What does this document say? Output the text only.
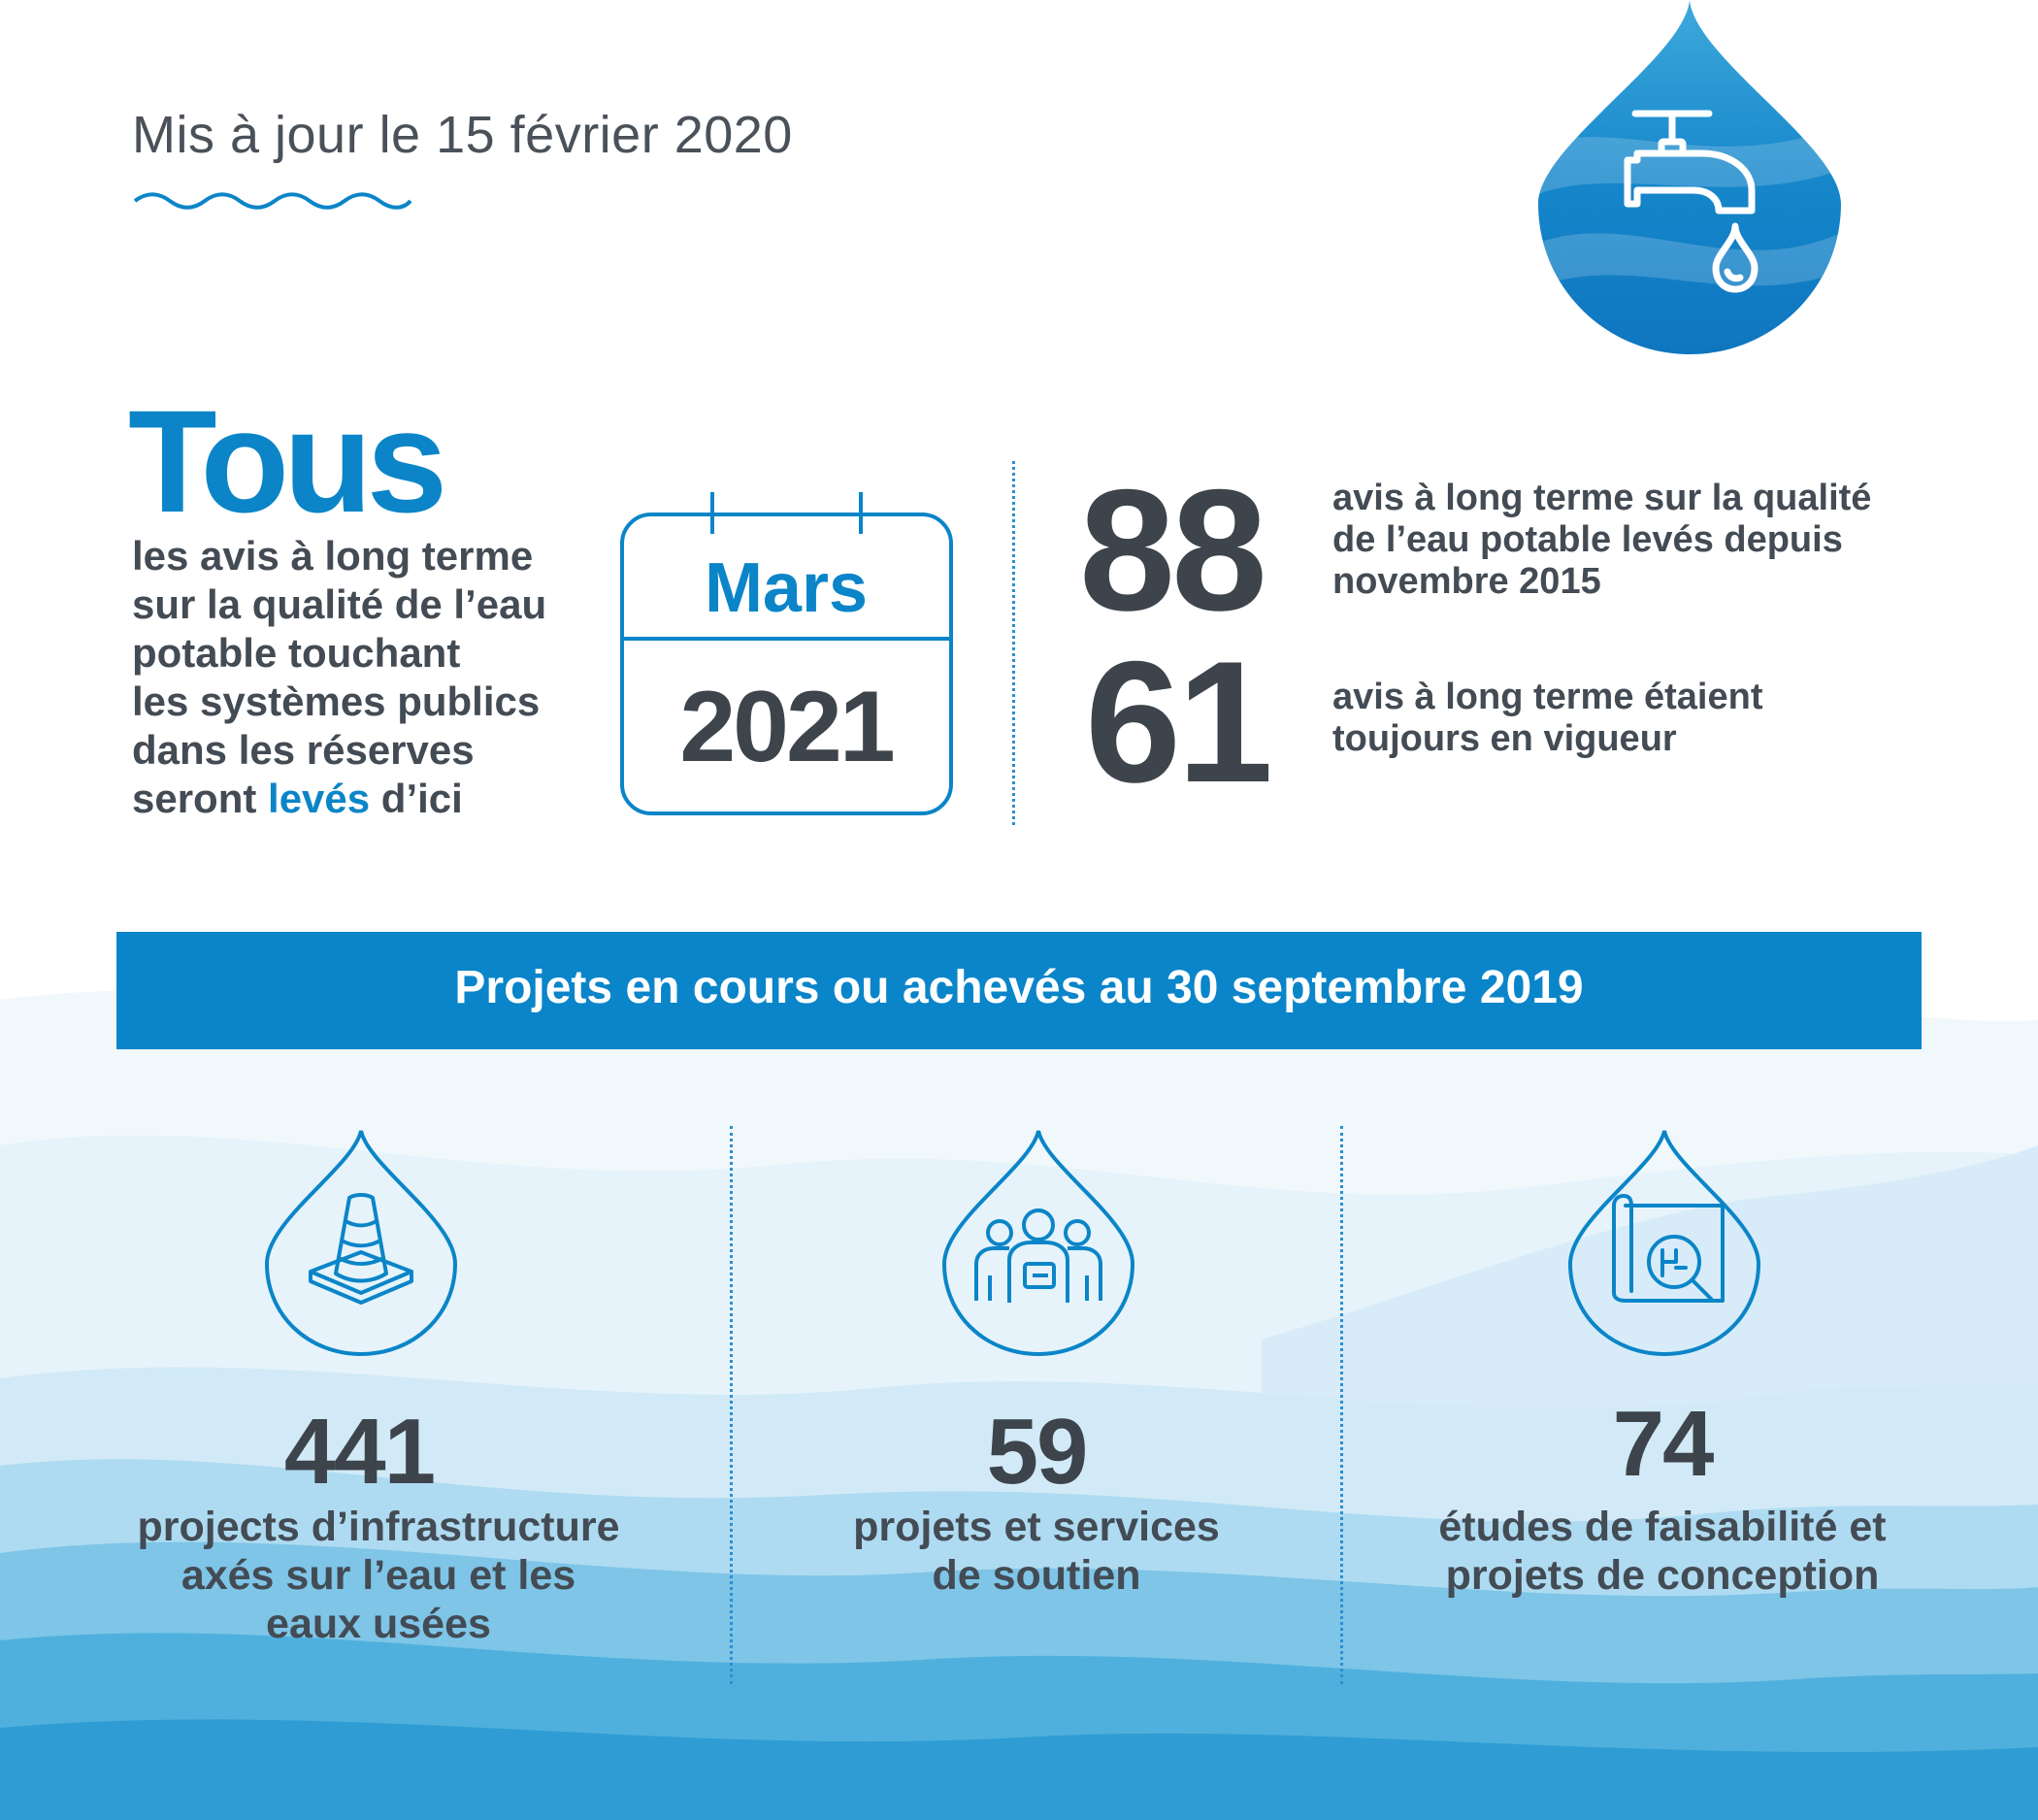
Mis à jour le 15 février 2020
Tous
les avis à long terme
sur la qualité de l’eau
potable touchant
les systèmes publics
dans les réserves
seront levés d’ici
Mars
2021
88 avis à long terme sur la qualité
de l’eau potable levés depuis
novembre 2015
61 avis à long terme étaient
toujours en vigueur
Projets en cours ou achevés au 30 septembre 2019
441
projects d’infrastructure
axés sur l’eau et les
eaux usées
59
projets et services
de soutien
74
études de faisabilité et
projets de conception
